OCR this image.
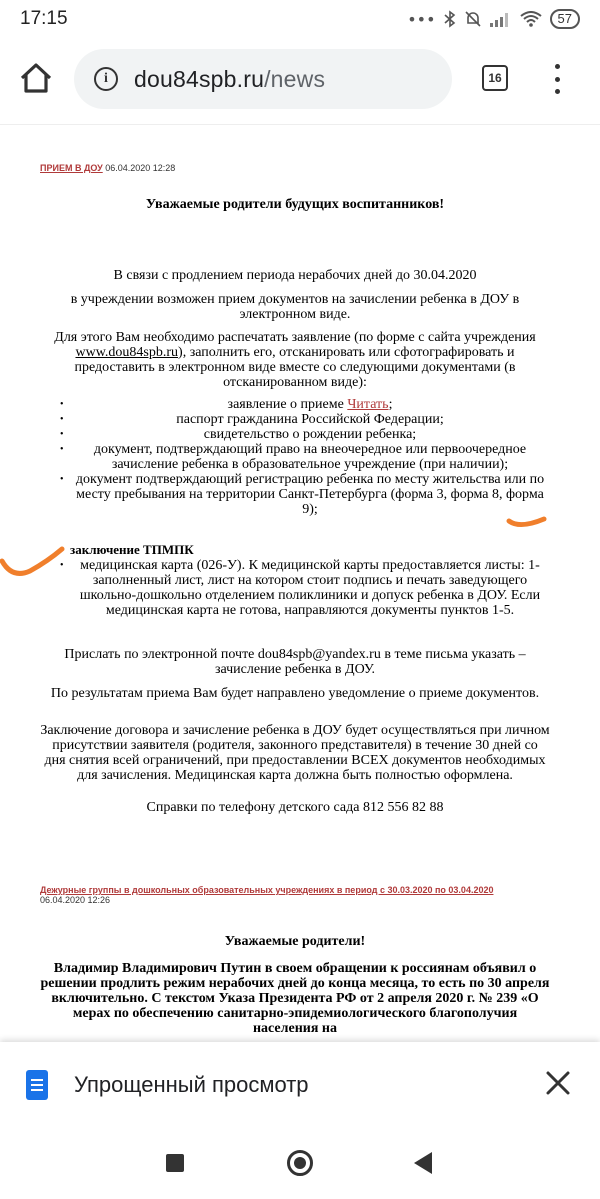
17:15	•••	57
i	dou84spb.ru/news	16
ПРИЕМ В ДОУ 06.04.2020 12:28

Уважаемые родители будущих воспитанников!

В связи с продлением периода нерабочих дней до 30.04.2020

в учреждении возможен прием документов на зачислении ребенка в ДОУ в электронном виде.

Для этого Вам необходимо распечатать заявление (по форме с сайта учреждения www.dou84spb.ru), заполнить его, отсканировать или сфотографировать и предоставить в электронном виде вместе со следующими документами (в отсканированном виде):

• заявление о приеме Читать;
• паспорт гражданина Российской Федерации;
• свидетельство о рождении ребенка;
• документ, подтверждающий право на внеочередное или первоочередное зачисление ребенка в образовательное учреждение (при наличии);
• документ подтверждающий регистрацию ребенка по месту жительства или по месту пребывания на территории Санкт-Петербурга (форма 3, форма 8, форма 9);

заключение ТПМПК

• медицинская карта (026-У). К медицинской карты предоставляется листы: 1-заполненный лист, лист на котором стоит подпись и печать заведующего школьно-дошкольно отделением поликлиники и допуск ребенка в ДОУ. Если медицинская карта не готова, направляются документы пунктов 1-5.

Прислать по электронной почте dou84spb@yandex.ru в теме письма указать – зачисление ребенка в ДОУ.

По результатам приема Вам будет направлено уведомление о приеме документов.

Заключение договора и зачисление ребенка в ДОУ будет осуществляться при личном присутствии заявителя (родителя, законного представителя) в течение 30 дней со дня снятия всей ограничений, при предоставлении ВСЕХ документов необходимых для зачисления. Медицинская карта должна быть полностью оформлена.

Справки по телефону детского сада 812 556 82 88

Дежурные группы в дошкольных образовательных учреждениях в период с 30.03.2020 по 03.04.2020 06.04.2020 12:26

Уважаемые родители!

Владимир Владимирович Путин в своем обращении к россиянам объявил о решении продлить режим нерабочих дней до конца месяца, то есть по 30 апреля включительно. С текстом Указа Президента РФ от 2 апреля 2020 г. № 239 «О мерах по обеспечению санитарно-эпидемиологического благополучия населения на

Упрощенный просмотр
